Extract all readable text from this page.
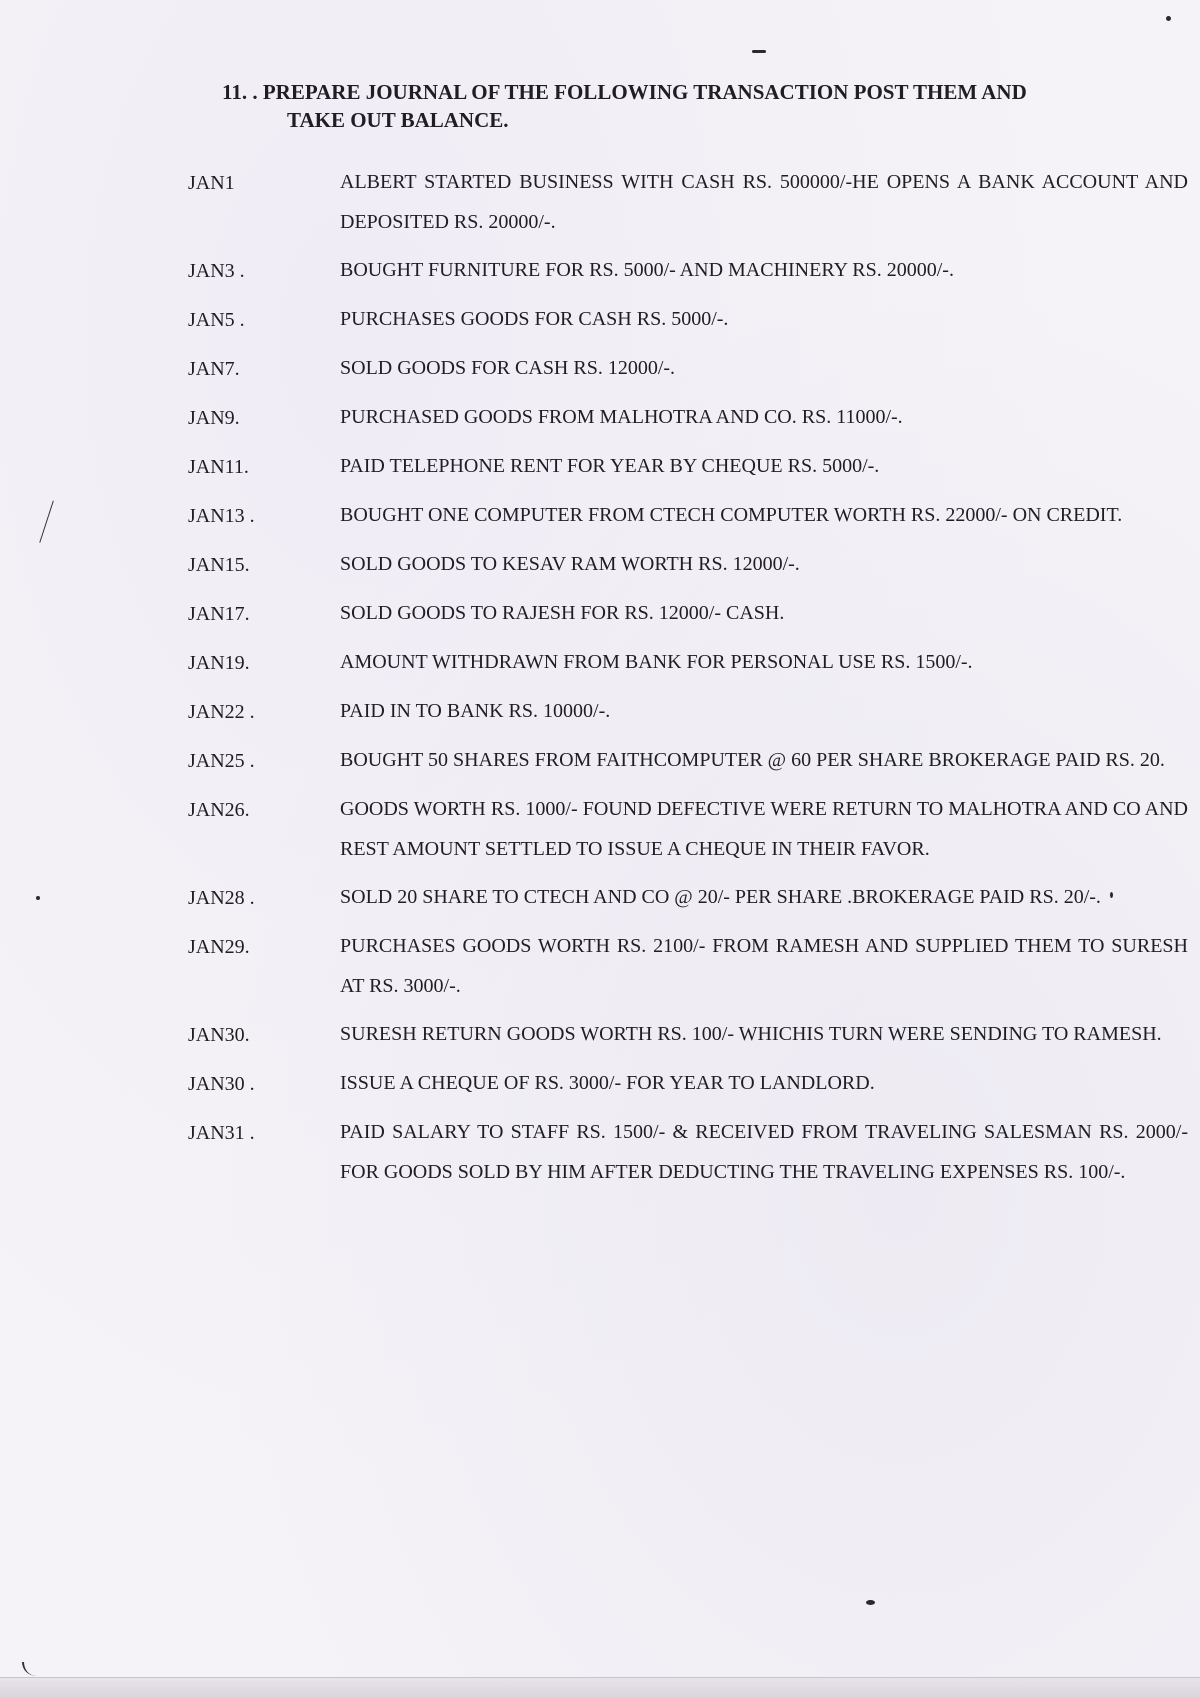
11. . PREPARE JOURNAL OF THE FOLLOWING TRANSACTION POST THEM AND
TAKE OUT BALANCE.
JAN1	ALBERT STARTED BUSINESS WITH CASH RS. 500000/-HE OPENS A BANK ACCOUNT AND DEPOSITED RS. 20000/-.
JAN3 .	BOUGHT FURNITURE FOR RS. 5000/- AND MACHINERY RS. 20000/-.
JAN5 .	PURCHASES GOODS FOR CASH RS. 5000/-.
JAN7.	SOLD GOODS FOR CASH RS. 12000/-.
JAN9.	PURCHASED GOODS FROM MALHOTRA AND CO. RS. 11000/-.
JAN11.	PAID TELEPHONE RENT FOR YEAR BY CHEQUE RS. 5000/-.
JAN13 .	BOUGHT ONE COMPUTER FROM CTECH COMPUTER WORTH RS. 22000/- ON CREDIT.
JAN15.	SOLD GOODS TO KESAV RAM WORTH RS. 12000/-.
JAN17.	SOLD GOODS TO RAJESH FOR RS. 12000/- CASH.
JAN19.	AMOUNT WITHDRAWN FROM BANK FOR PERSONAL USE RS. 1500/-.
JAN22 .	PAID IN TO BANK RS. 10000/-.
JAN25 .	BOUGHT 50 SHARES FROM FAITHCOMPUTER @ 60 PER SHARE BROKERAGE PAID RS. 20.
JAN26.	GOODS WORTH RS. 1000/- FOUND DEFECTIVE WERE RETURN TO MALHOTRA AND CO AND REST AMOUNT SETTLED TO ISSUE A CHEQUE IN THEIR FAVOR.
JAN28 .	SOLD 20 SHARE TO CTECH AND CO @ 20/- PER SHARE .BROKERAGE PAID RS. 20/-.
JAN29.	PURCHASES GOODS WORTH RS. 2100/- FROM RAMESH AND SUPPLIED THEM TO SURESH AT RS. 3000/-.
JAN30.	SURESH RETURN GOODS WORTH RS. 100/- WHICHIS TURN WERE SENDING TO RAMESH.
JAN30 .	ISSUE A CHEQUE OF RS. 3000/- FOR YEAR TO LANDLORD.
JAN31 .	PAID SALARY TO STAFF RS. 1500/- & RECEIVED FROM TRAVELING SALESMAN RS. 2000/- FOR GOODS SOLD BY HIM AFTER DEDUCTING THE TRAVELING EXPENSES RS. 100/-.
